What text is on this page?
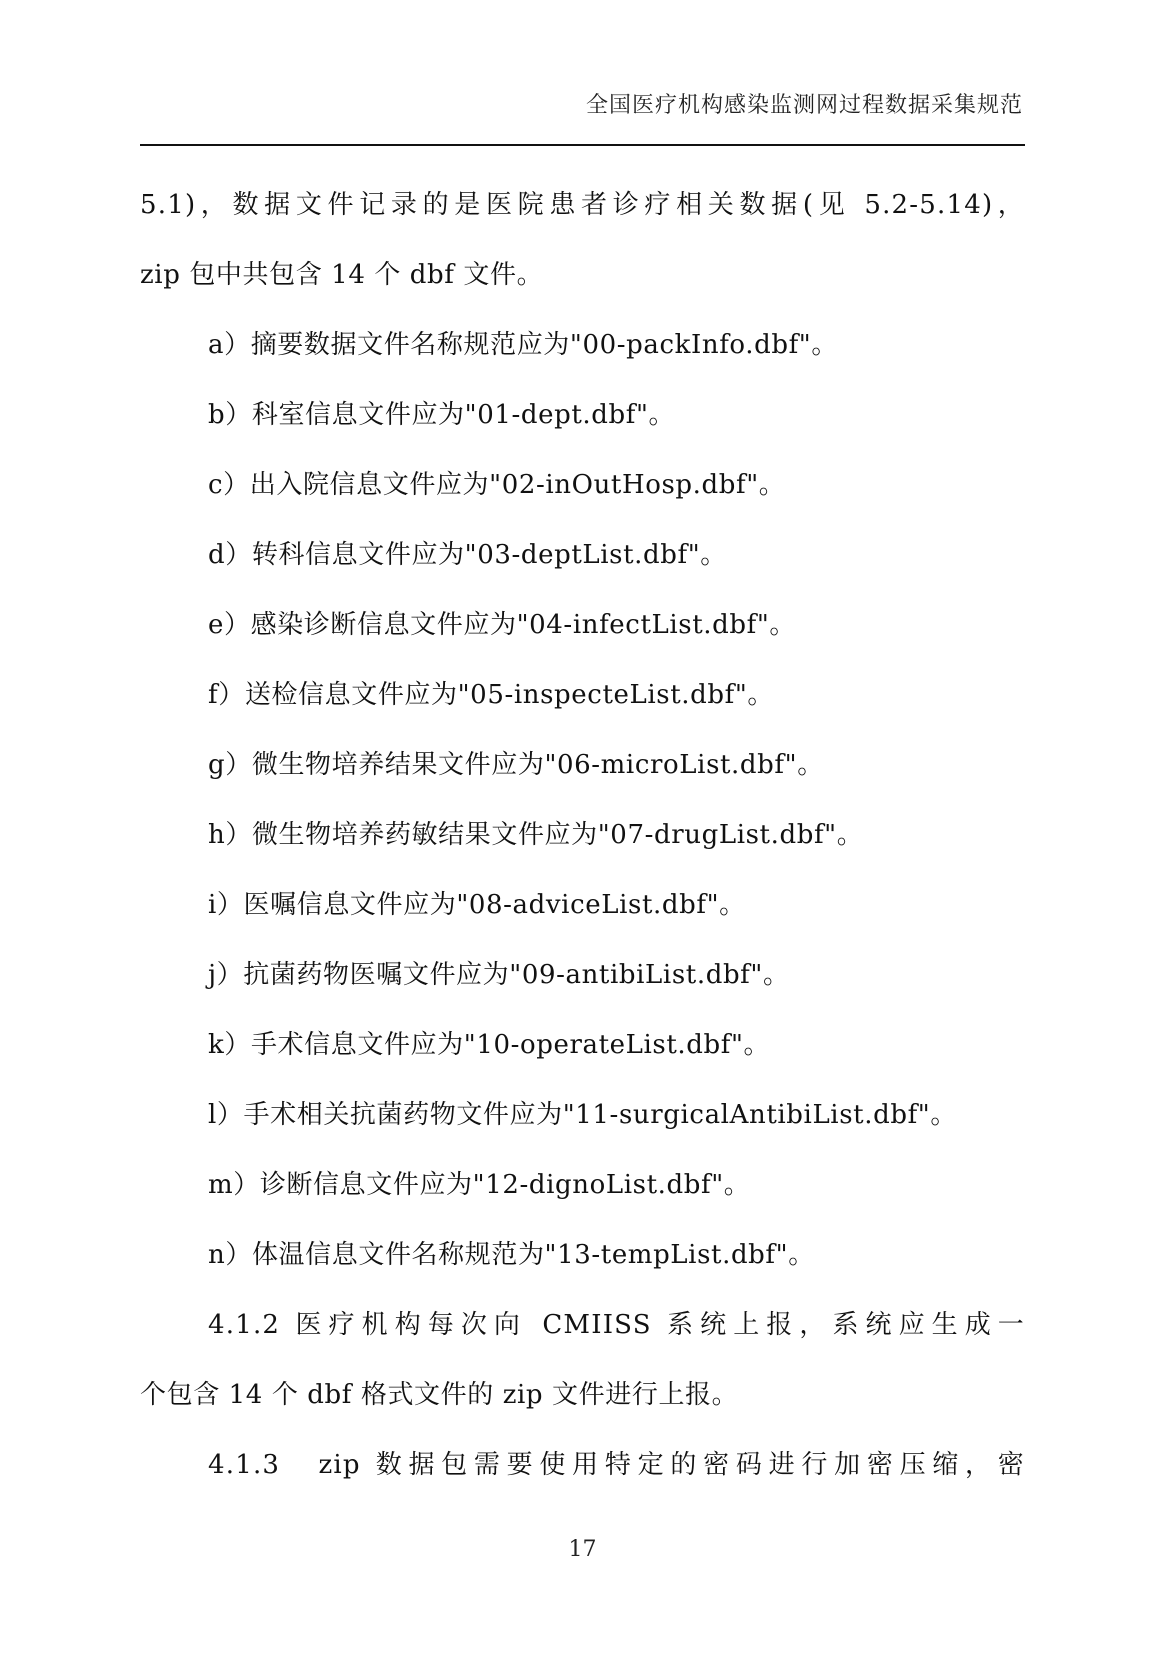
全国医疗机构感染监测网过程数据采集规范
5.1)，数据文件记录的是医院患者诊疗相关数据(见 5.2-5.14)，
zip 包中共包含 14 个 dbf 文件。
a）摘要数据文件名称规范应为"00-packInfo.dbf"。
b）科室信息文件应为"01-dept.dbf"。
c）出入院信息文件应为"02-inOutHosp.dbf"。
d）转科信息文件应为"03-deptList.dbf"。
e）感染诊断信息文件应为"04-infectList.dbf"。
f）送检信息文件应为"05-inspecteList.dbf"。
g）微生物培养结果文件应为"06-microList.dbf"。
h）微生物培养药敏结果文件应为"07-drugList.dbf"。
i）医嘱信息文件应为"08-adviceList.dbf"。
j）抗菌药物医嘱文件应为"09-antibiList.dbf"。
k）手术信息文件应为"10-operateList.dbf"。
l）手术相关抗菌药物文件应为"11-surgicalAntibiList.dbf"。
m）诊断信息文件应为"12-dignoList.dbf"。
n）体温信息文件名称规范为"13-tempList.dbf"。
4.1.2 医疗机构每次向 CMIISS 系统上报，系统应生成一
个包含 14 个 dbf 格式文件的 zip 文件进行上报。
4.1.3　zip 数据包需要使用特定的密码进行加密压缩，密
17
